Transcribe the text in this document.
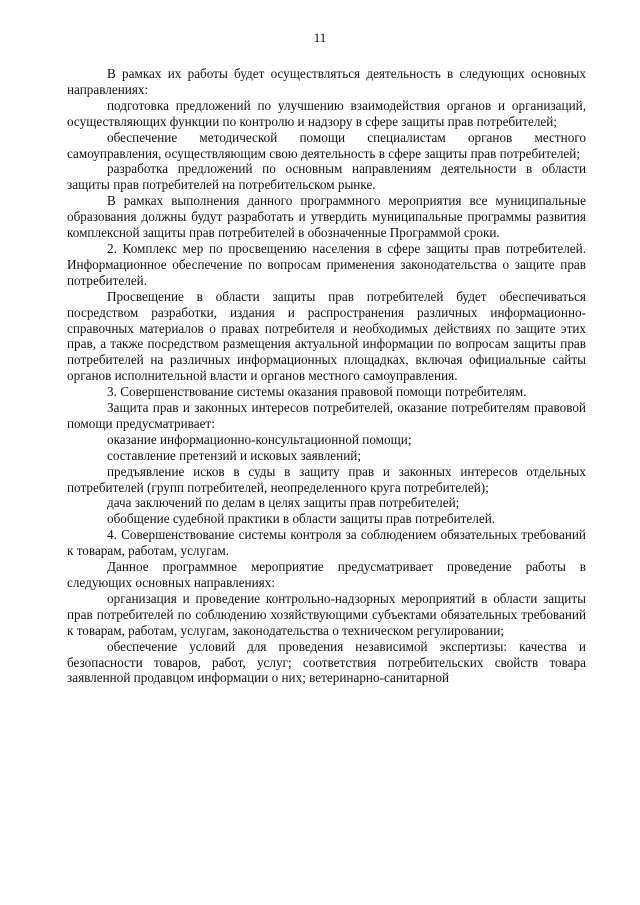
11

В рамках их работы будет осуществляться деятельность в следующих основных направлениях:

подготовка предложений по улучшению взаимодействия органов и организаций, осуществляющих функции по контролю и надзору в сфере защиты прав потребителей;

обеспечение методической помощи специалистам органов местного самоуправления, осуществляющим свою деятельность в сфере защиты прав потребителей;

разработка предложений по основным направлениям деятельности в области защиты прав потребителей на потребительском рынке.

В рамках выполнения данного программного мероприятия все муниципальные образования должны будут разработать и утвердить муниципальные программы развития комплексной защиты прав потребителей в обозначенные Программой сроки.

2. Комплекс мер по просвещению населения в сфере защиты прав потребителей. Информационное обеспечение по вопросам применения законодательства о защите прав потребителей.

Просвещение в области защиты прав потребителей будет обеспечиваться посредством разработки, издания и распространения различных информационно-справочных материалов о правах потребителя и необходимых действиях по защите этих прав, а также посредством размещения актуальной информации по вопросам защиты прав потребителей на различных информационных площадках, включая официальные сайты органов исполнительной власти и органов местного самоуправления.

3. Совершенствование системы оказания правовой помощи потребителям.

Защита прав и законных интересов потребителей, оказание потребителям правовой помощи предусматривает:

оказание информационно-консультационной помощи;

составление претензий и исковых заявлений;

предъявление исков в суды в защиту прав и законных интересов отдельных потребителей (групп потребителей, неопределенного круга потребителей);

дача заключений по делам в целях защиты прав потребителей;

обобщение судебной практики в области защиты прав потребителей.

4. Совершенствование системы контроля за соблюдением обязательных требований к товарам, работам, услугам.

Данное программное мероприятие предусматривает проведение работы в следующих основных направлениях:

организация и проведение контрольно-надзорных мероприятий в области защиты прав потребителей по соблюдению хозяйствующими субъектами обязательных требований к товарам, работам, услугам, законодательства о техническом регулировании;

обеспечение условий для проведения независимой экспертизы: качества и безопасности товаров, работ, услуг; соответствия потребительских свойств товара заявленной продавцом информации о них; ветеринарно-санитарной
